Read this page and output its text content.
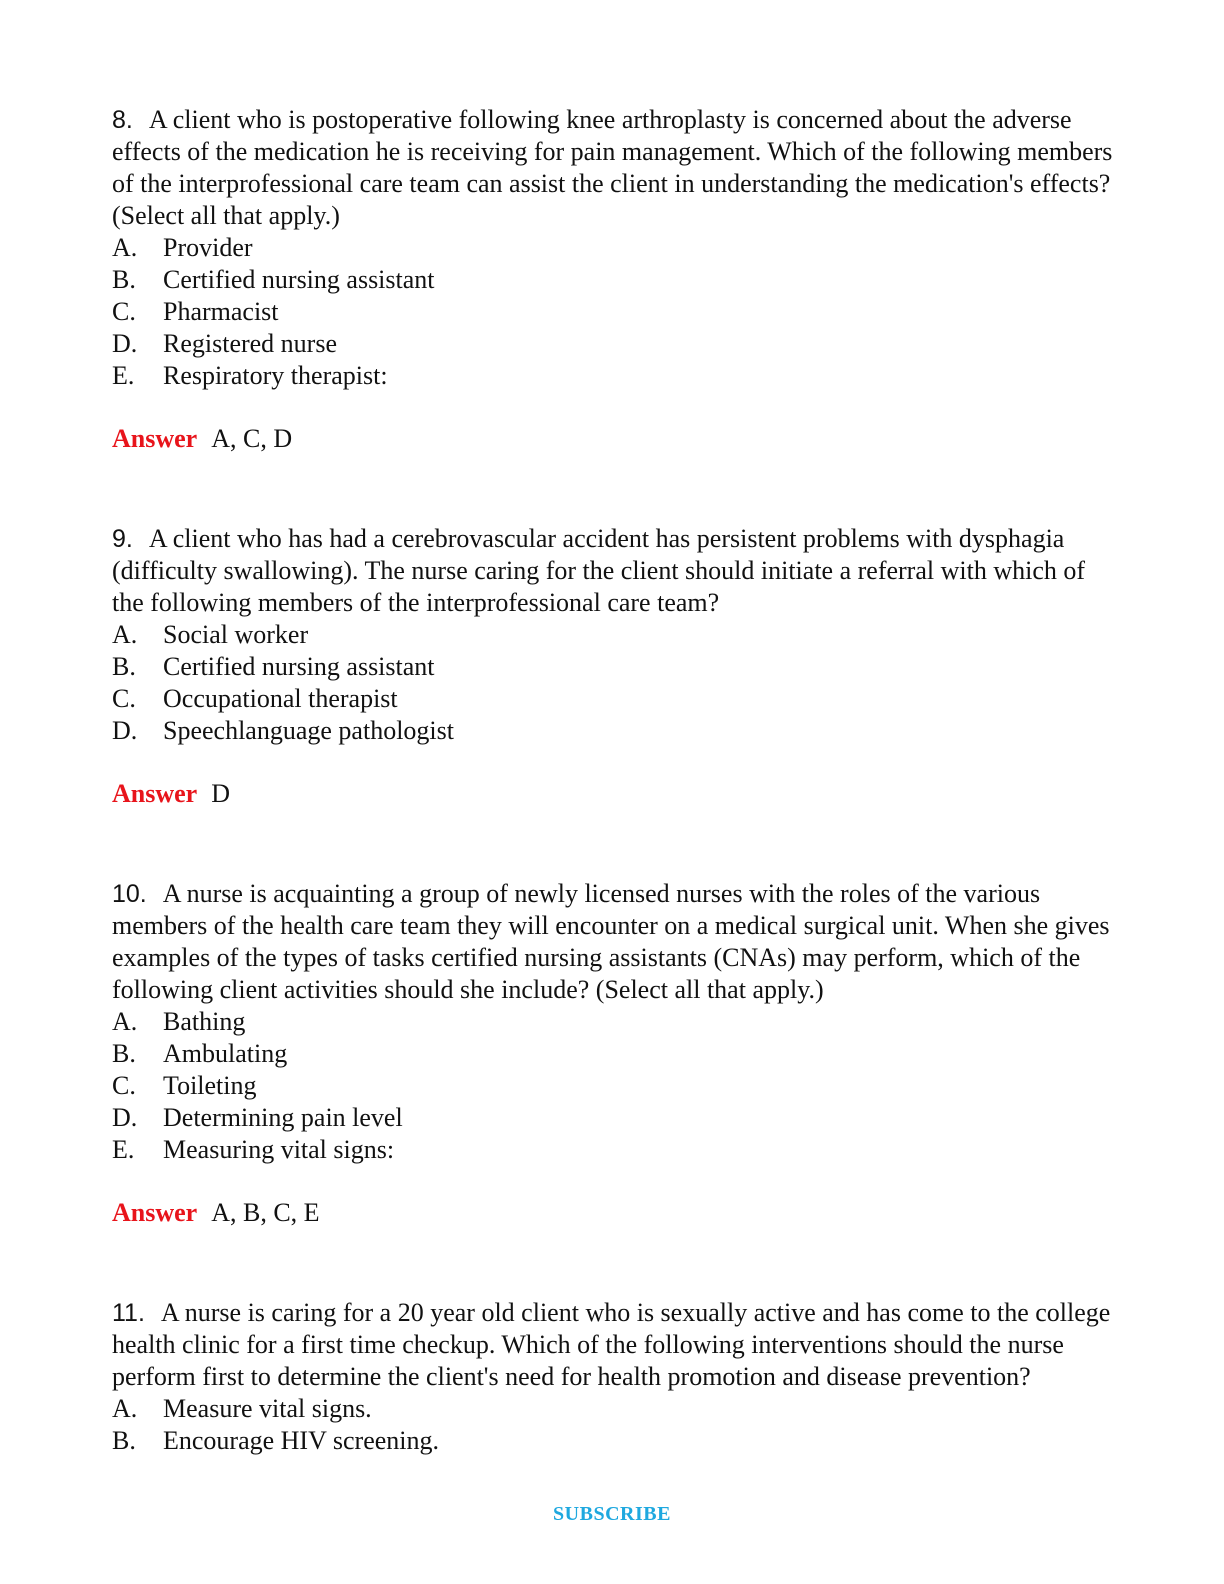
8. A client who is postoperative following knee arthroplasty is concerned about the adverse effects of the medication he is receiving for pain management. Which of the following members of the interprofessional care team can assist the client in understanding the medication's effects? (Select all that apply.)
A. Provider
B.	Certified nursing assistant
C.	Pharmacist
D. Registered nurse
E.	Respiratory therapist:
Answer A, C, D
9. A client who has had a cerebrovascular accident has persistent problems with dysphagia (difficulty swallowing). The nurse caring for the client should initiate a referral with which of the following members of the interprofessional care team?
A. Social worker
B.	Certified nursing assistant
C.	Occupational therapist
D. Speechlanguage pathologist
Answer D
10. A nurse is acquainting a group of newly licensed nurses with the roles of the various members of the health care team they will encounter on a medical surgical unit. When she gives examples of the types of tasks certified nursing assistants (CNAs) may perform, which of the following client activities should she include? (Select all that apply.)
A. Bathing
B.	Ambulating
C.	Toileting
D. Determining pain level
E.	Measuring vital signs:
Answer A, B, C, E
11. A nurse is caring for a 20 year old client who is sexually active and has come to the college health clinic for a first time checkup. Which of the following interventions should the nurse perform first to determine the client's need for health promotion and disease prevention?
A. Measure vital signs.
B.	Encourage HIV screening.
SUBSCRIBE
